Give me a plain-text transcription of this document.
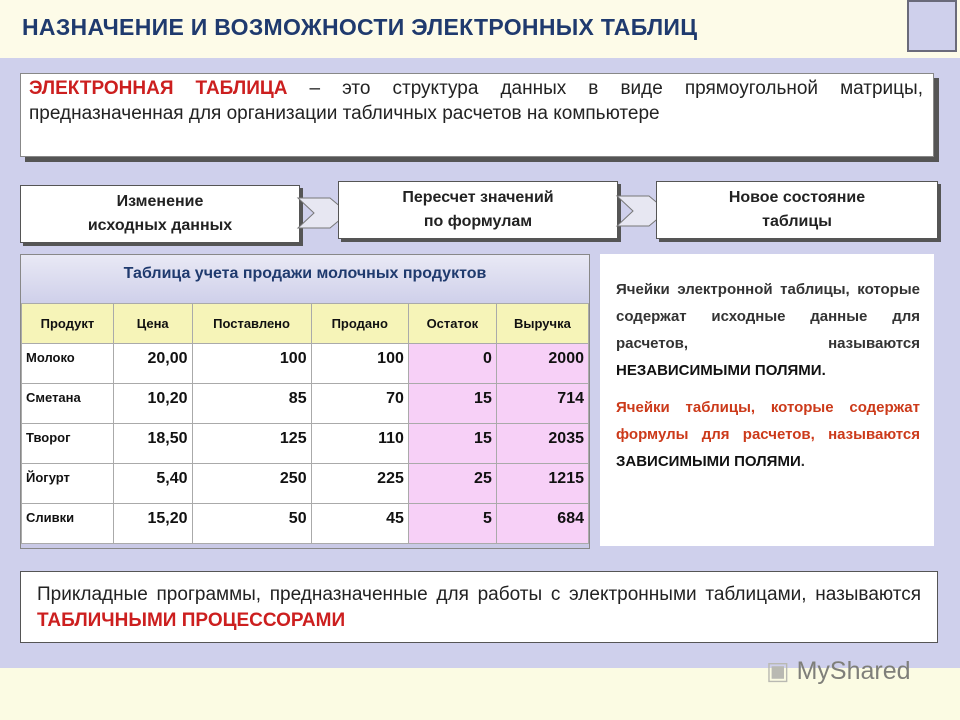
НАЗНАЧЕНИЕ И ВОЗМОЖНОСТИ ЭЛЕКТРОННЫХ ТАБЛИЦ
ЭЛЕКТРОННАЯ ТАБЛИЦА – это структура данных в виде прямоугольной матрицы, предназначенная для организации табличных расчетов на компьютере
Изменение
исходных данных
Пересчет значений
по формулам
Новое состояние
таблицы
Таблица учета продажи молочных продуктов
Продукт	Цена	Поставлено	Продано	Остаток	Выручка
Молоко	20,00	100	100	0	2000
Сметана	10,20	85	70	15	714
Творог	18,50	125	110	15	2035
Йогурт	5,40	250	225	25	1215
Сливки	15,20	50	45	5	684

Ячейки электронной таблицы, которые содержат исходные данные для расчетов, называются НЕЗАВИСИМЫМИ ПОЛЯМИ.

Ячейки таблицы, которые содержат формулы для расчетов, называются ЗАВИСИМЫМИ ПОЛЯМИ.

Прикладные программы, предназначенные для работы с электронными таблицами, называются ТАБЛИЧНЫМИ ПРОЦЕССОРАМИ
▣ MyShared
